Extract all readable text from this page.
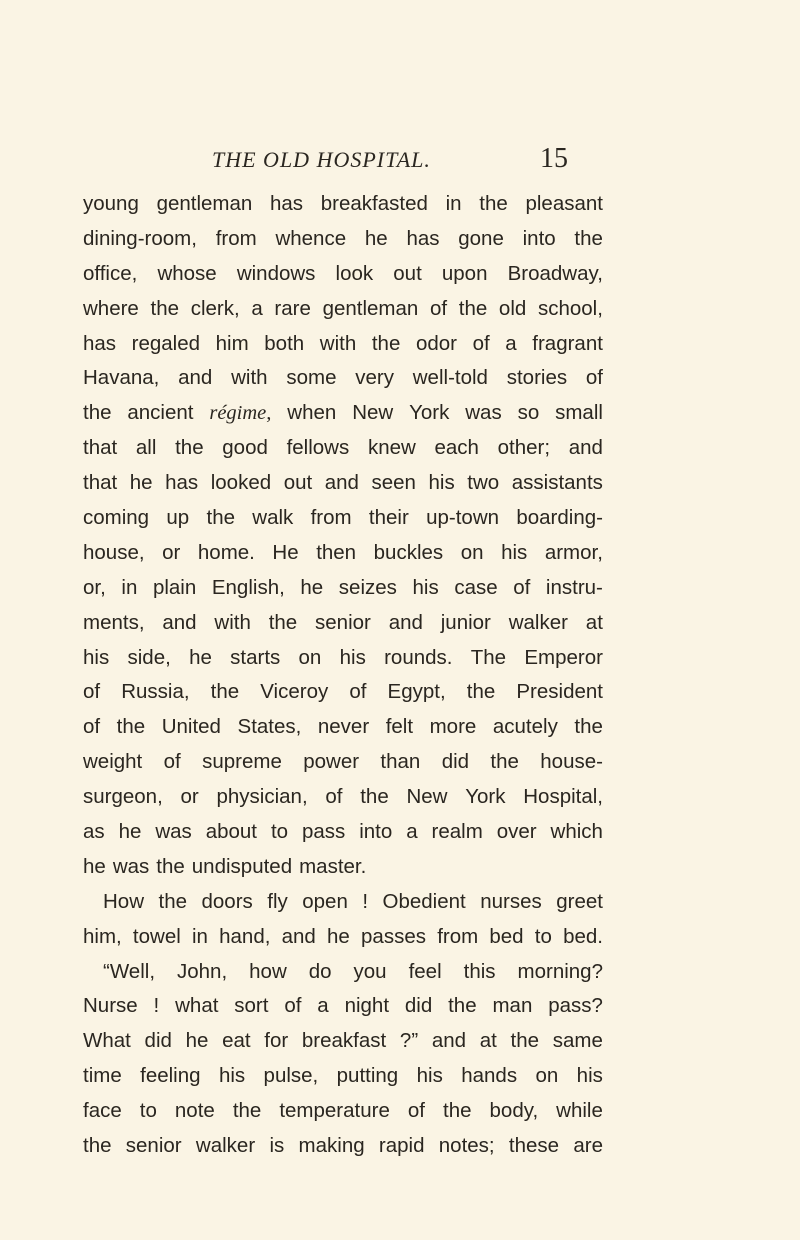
THE OLD HOSPITAL.	15
young gentleman has breakfasted in the pleasant
dining-room, from whence he has gone into the
office, whose windows look out upon Broadway,
where the clerk, a rare gentleman of the old school,
has regaled him both with the odor of a fragrant
Havana, and with some very well-told stories of
the ancient régime, when New York was so small
that all the good fellows knew each other; and
that he has looked out and seen his two assistants
coming up the walk from their up-town boarding-
house, or home. He then buckles on his armor,
or, in plain English, he seizes his case of instru-
ments, and with the senior and junior walker at
his side, he starts on his rounds. The Emperor
of Russia, the Viceroy of Egypt, the President
of the United States, never felt more acutely the
weight of supreme power than did the house-
surgeon, or physician, of the New York Hospital,
as he was about to pass into a realm over which
he was the undisputed master.
How the doors fly open ! Obedient nurses greet
him, towel in hand, and he passes from bed to bed.
“Well, John, how do you feel this morning?
Nurse ! what sort of a night did the man pass?
What did he eat for breakfast ?” and at the same
time feeling his pulse, putting his hands on his
face to note the temperature of the body, while
the senior walker is making rapid notes; these are
